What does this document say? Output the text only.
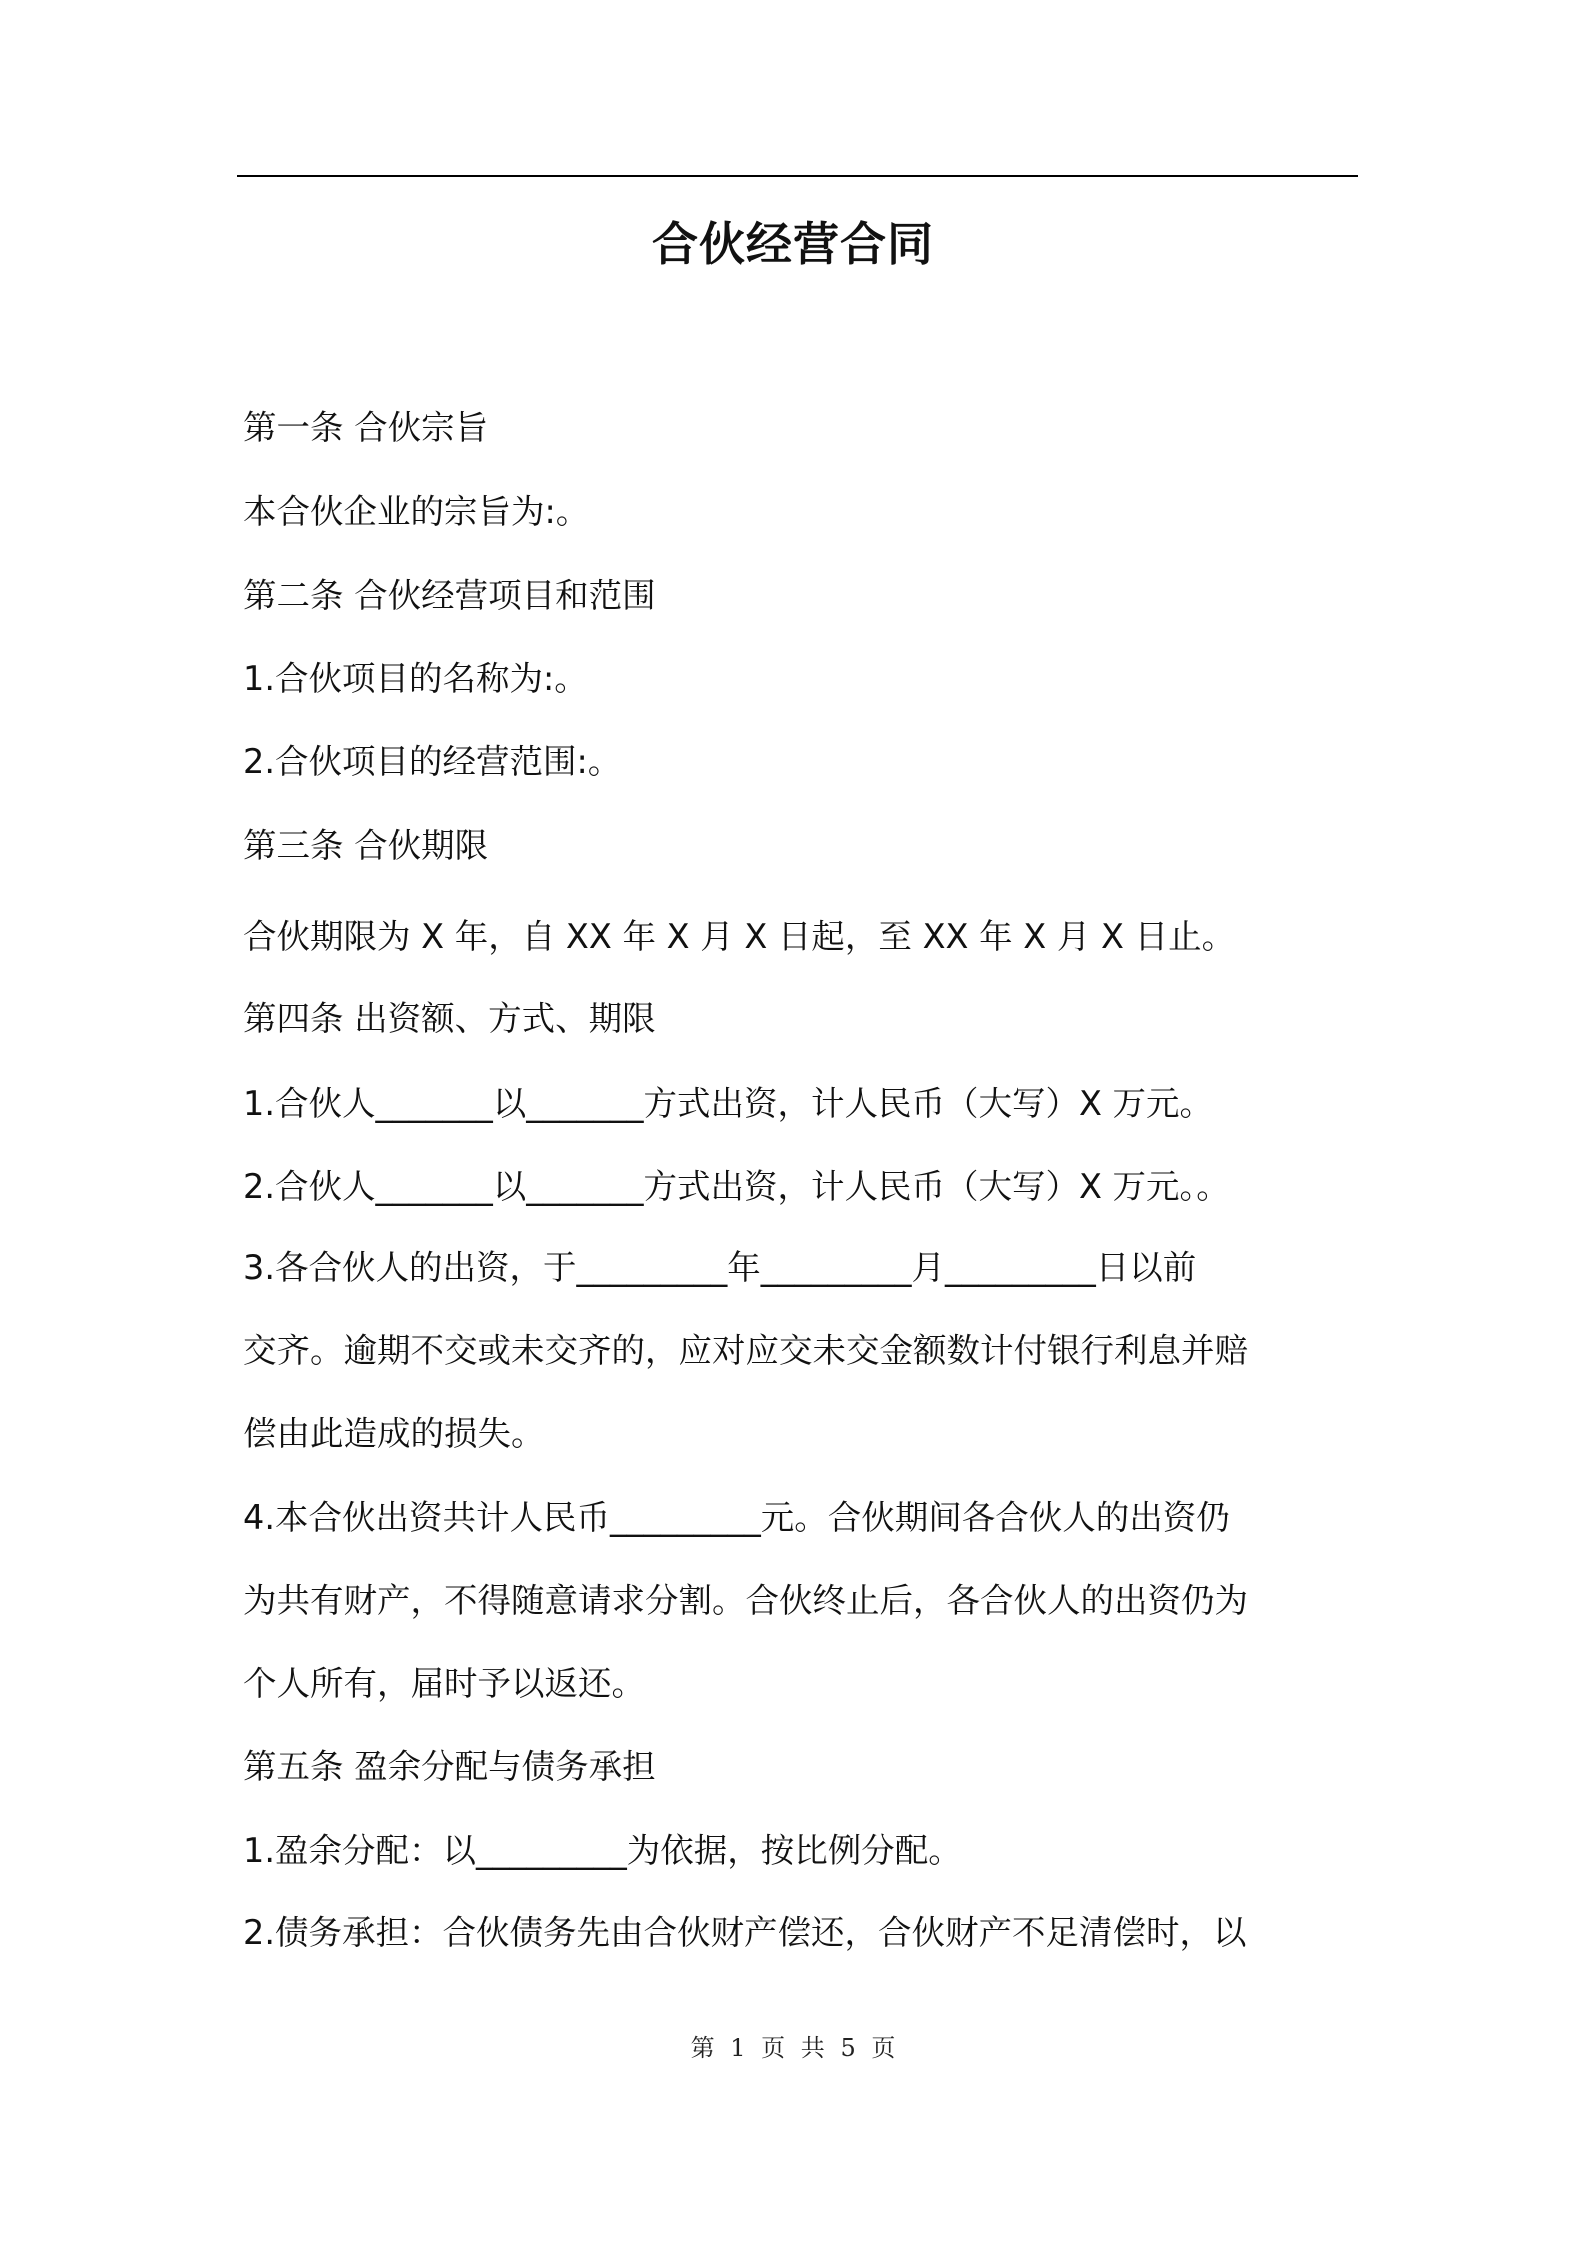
合伙经营合同

第一条 合伙宗旨

本合伙企业的宗旨为:。

第二条 合伙经营项目和范围

1.合伙项目的名称为:。

2.合伙项目的经营范围:。

第三条 合伙期限

合伙期限为 X 年，自 XX 年 X 月 X 日起，至 XX 年 X 月 X 日止。

第四条 出资额、方式、期限

1.合伙人_______以_______方式出资，计人民币（大写）X 万元。

2.合伙人_______以_______方式出资，计人民币（大写）X 万元。。

3.各合伙人的出资，于_________年_________月_________日以前

交齐。逾期不交或未交齐的，应对应交未交金额数计付银行利息并赔

偿由此造成的损失。

4.本合伙出资共计人民币_________元。合伙期间各合伙人的出资仍

为共有财产，不得随意请求分割。合伙终止后，各合伙人的出资仍为

个人所有，届时予以返还。

第五条 盈余分配与债务承担

1.盈余分配：以_________为依据，按比例分配。

2.债务承担：合伙债务先由合伙财产偿还，合伙财产不足清偿时，以

第 1 页 共 5 页
